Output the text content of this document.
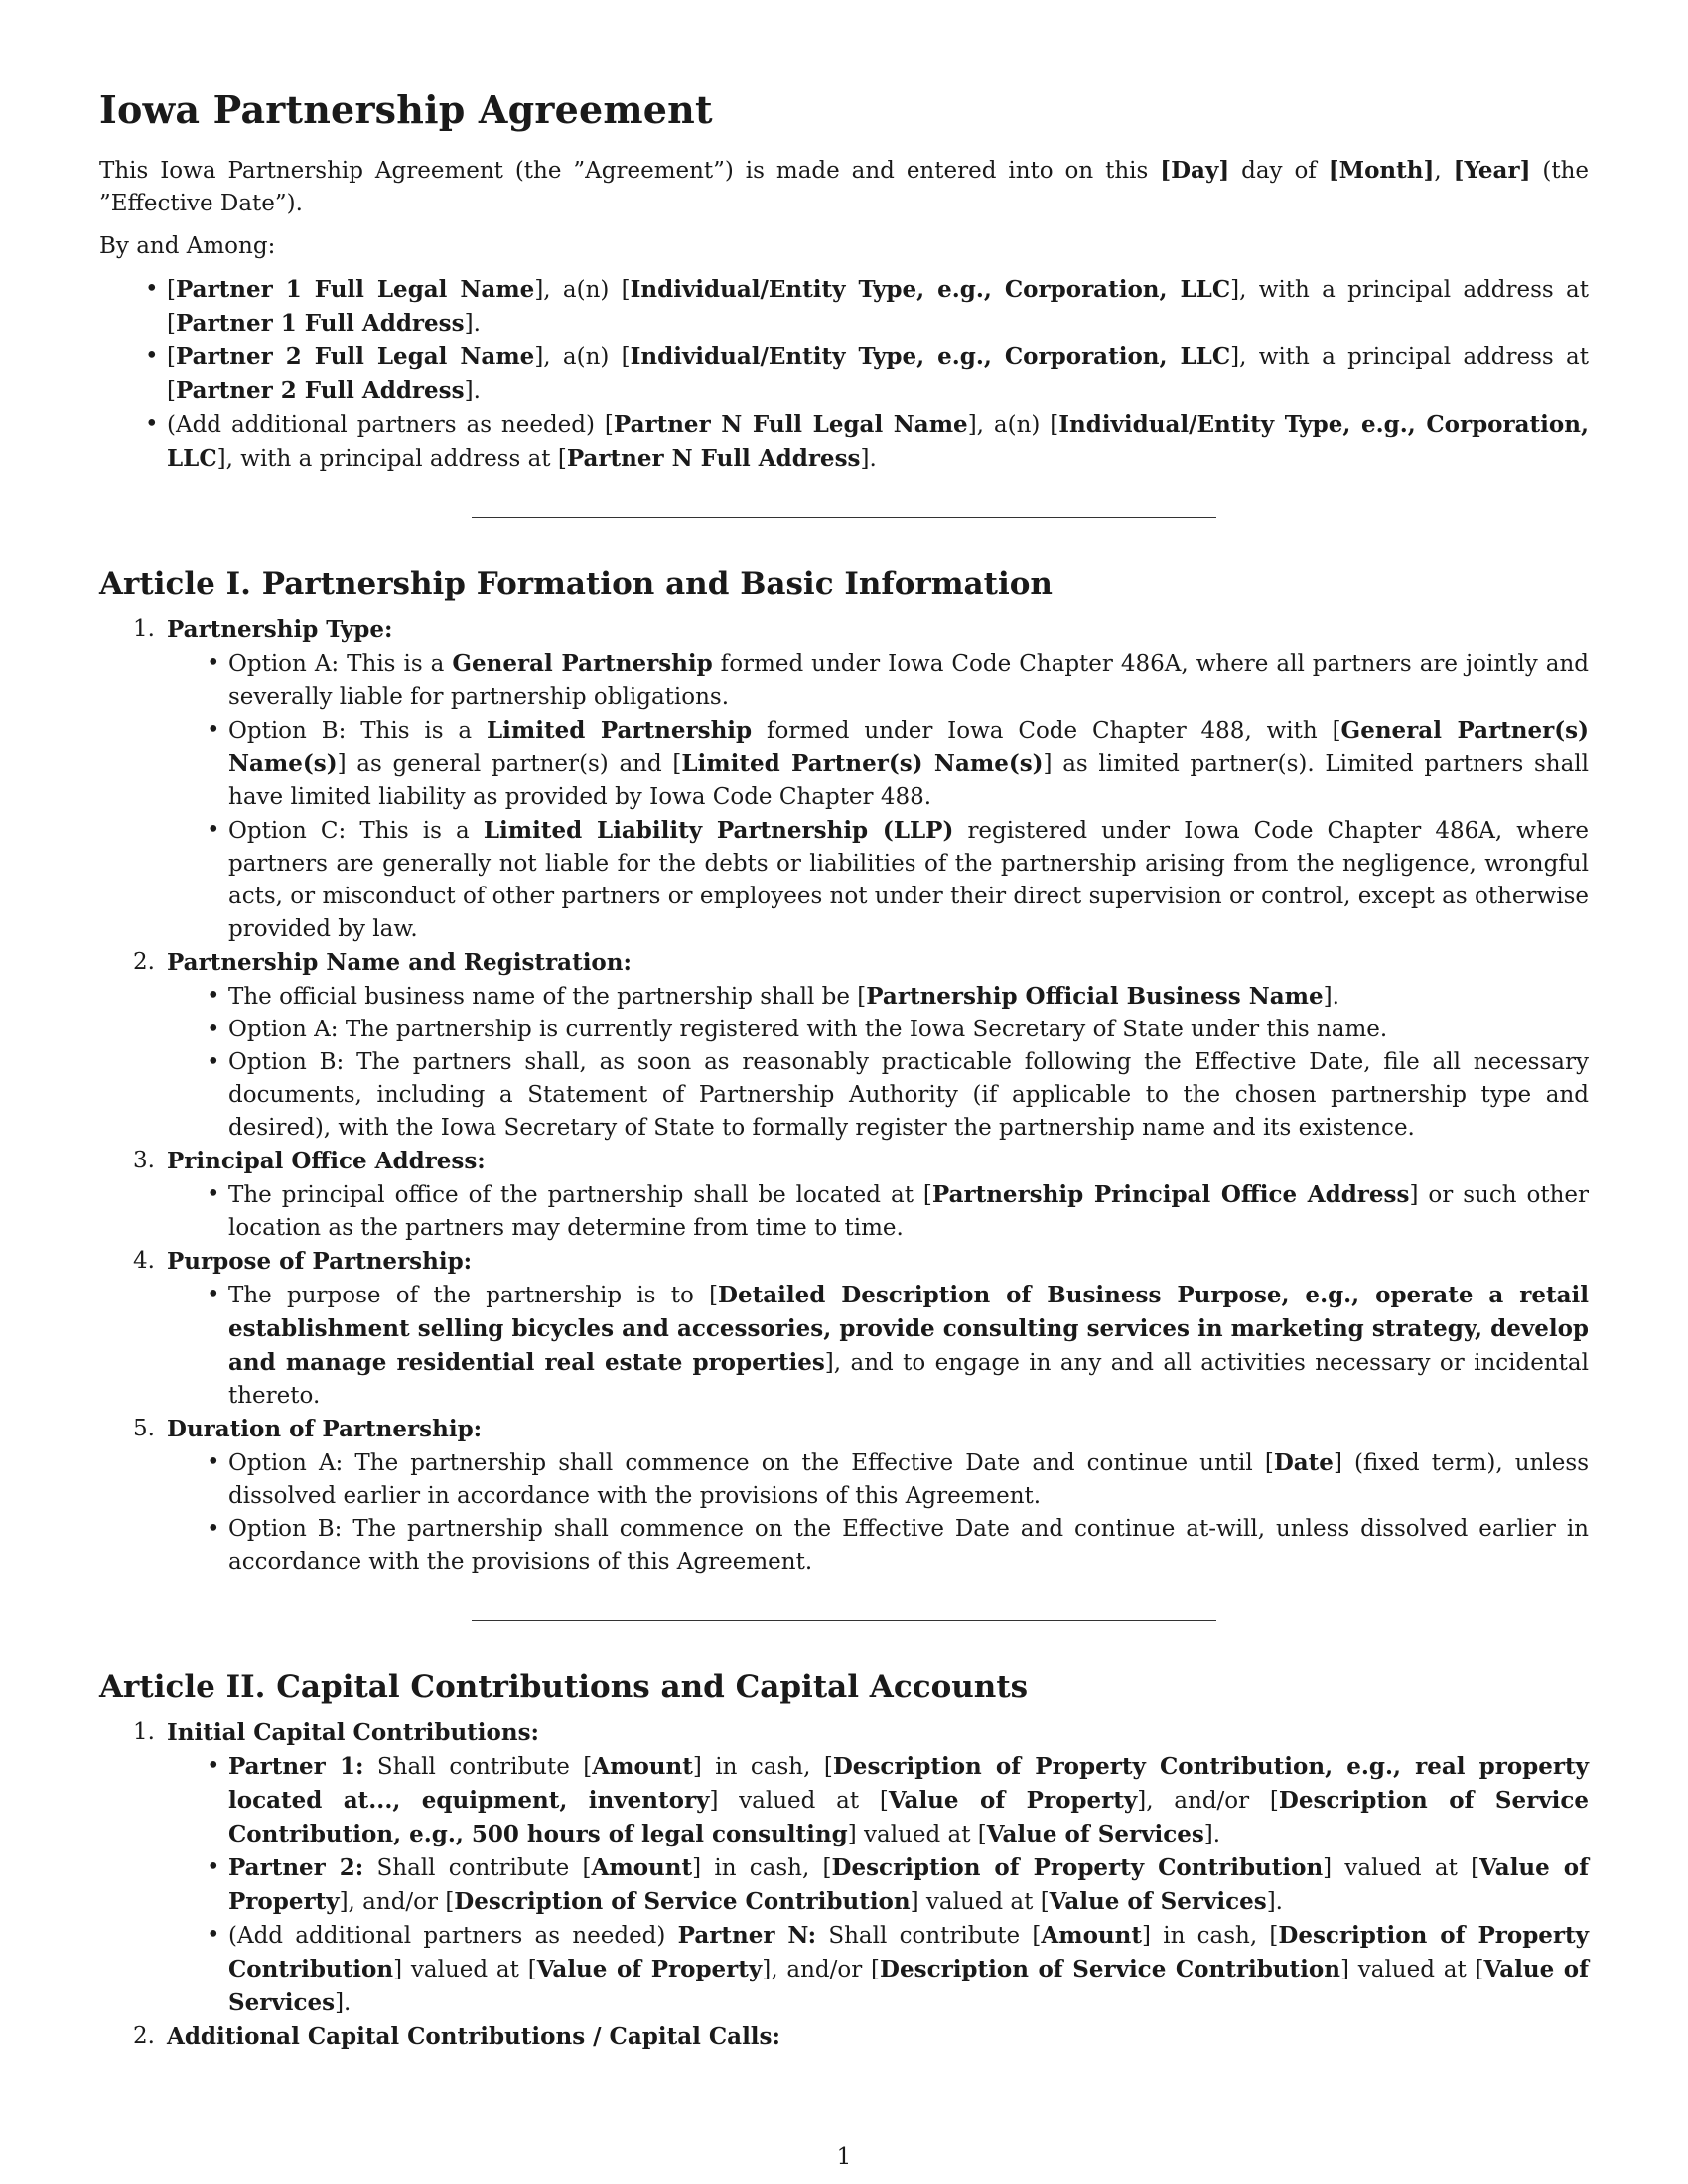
Iowa Partnership Agreement

This Iowa Partnership Agreement (the ”Agreement”) is made and entered into on this [Day] day of [Month], [Year] (the ”Effective Date”).

By and Among:

• [Partner 1 Full Legal Name], a(n) [Individual/Entity Type, e.g., Corporation, LLC], with a principal address at [Partner 1 Full Address].
• [Partner 2 Full Legal Name], a(n) [Individual/Entity Type, e.g., Corporation, LLC], with a principal address at [Partner 2 Full Address].
• (Add additional partners as needed) [Partner N Full Legal Name], a(n) [Individual/Entity Type, e.g., Corporation, LLC], with a principal address at [Partner N Full Address].
Article I. Partnership Formation and Basic Information
Partnership Type:
• Option A: This is a General Partnership formed under Iowa Code Chapter 486A, where all partners are jointly and severally liable for partnership obligations.
• Option B: This is a Limited Partnership formed under Iowa Code Chapter 488, with [General Partner(s) Name(s)] as general partner(s) and [Limited Partner(s) Name(s)] as limited partner(s). Limited partners shall have limited liability as provided by Iowa Code Chapter 488.
• Option C: This is a Limited Liability Partnership (LLP) registered under Iowa Code Chapter 486A, where partners are generally not liable for the debts or liabilities of the partnership arising from the negligence, wrongful acts, or misconduct of other partners or employees not under their direct supervision or control, except as otherwise provided by law.
Partnership Name and Registration:
• The official business name of the partnership shall be [Partnership Official Business Name].
• Option A: The partnership is currently registered with the Iowa Secretary of State under this name.
• Option B: The partners shall, as soon as reasonably practicable following the Effective Date, file all necessary documents, including a Statement of Partnership Authority (if applicable to the chosen partnership type and desired), with the Iowa Secretary of State to formally register the partnership name and its existence.
Principal Office Address:
• The principal office of the partnership shall be located at [Partnership Principal Office Address] or such other location as the partners may determine from time to time.
Purpose of Partnership:
• The purpose of the partnership is to [Detailed Description of Business Purpose, e.g., operate a retail establishment selling bicycles and accessories, provide consulting services in marketing strategy, develop and manage residential real estate properties], and to engage in any and all activities necessary or incidental thereto.
Duration of Partnership:
• Option A: The partnership shall commence on the Effective Date and continue until [Date] (fixed term), unless dissolved earlier in accordance with the provisions of this Agreement.
• Option B: The partnership shall commence on the Effective Date and continue at-will, unless dissolved earlier in accordance with the provisions of this Agreement.
Article II. Capital Contributions and Capital Accounts
Initial Capital Contributions:
• Partner 1: Shall contribute [Amount] in cash, [Description of Property Contribution, e.g., real property located at..., equipment, inventory] valued at [Value of Property], and/or [Description of Service Contribution, e.g., 500 hours of legal consulting] valued at [Value of Services].
• Partner 2: Shall contribute [Amount] in cash, [Description of Property Contribution] valued at [Value of Property], and/or [Description of Service Contribution] valued at [Value of Services].
• (Add additional partners as needed) Partner N: Shall contribute [Amount] in cash, [Description of Property Contribution] valued at [Value of Property], and/or [Description of Service Contribution] valued at [Value of Services].
Additional Capital Contributions / Capital Calls:
1
